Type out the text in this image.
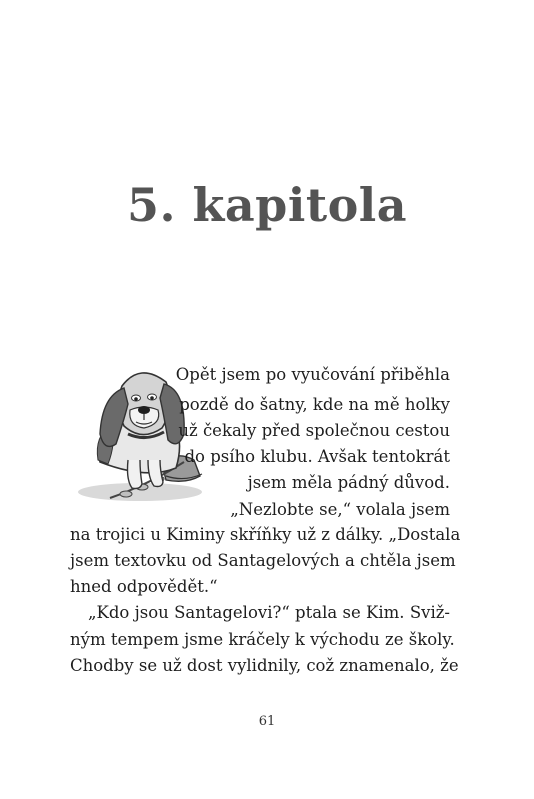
5. kapitola
Opět jsem po vyučování přiběhla
pozdě do šatny, kde na mě holky
už čekaly před společnou cestou
do psího klubu. Avšak tentokrát
jsem měla pádný důvod.
„Nezlobte se,“ volala jsem
na trojici u Kiminy skříňky už z dálky. „Dostala
jsem textovku od Santagelových a chtěla jsem
hned odpovědět.“
„Kdo jsou Santagelovi?“ ptala se Kim. Sviž-
ným tempem jsme kráčely k východu ze školy.
Chodby se už dost vylidnily, což znamenalo, že
61
